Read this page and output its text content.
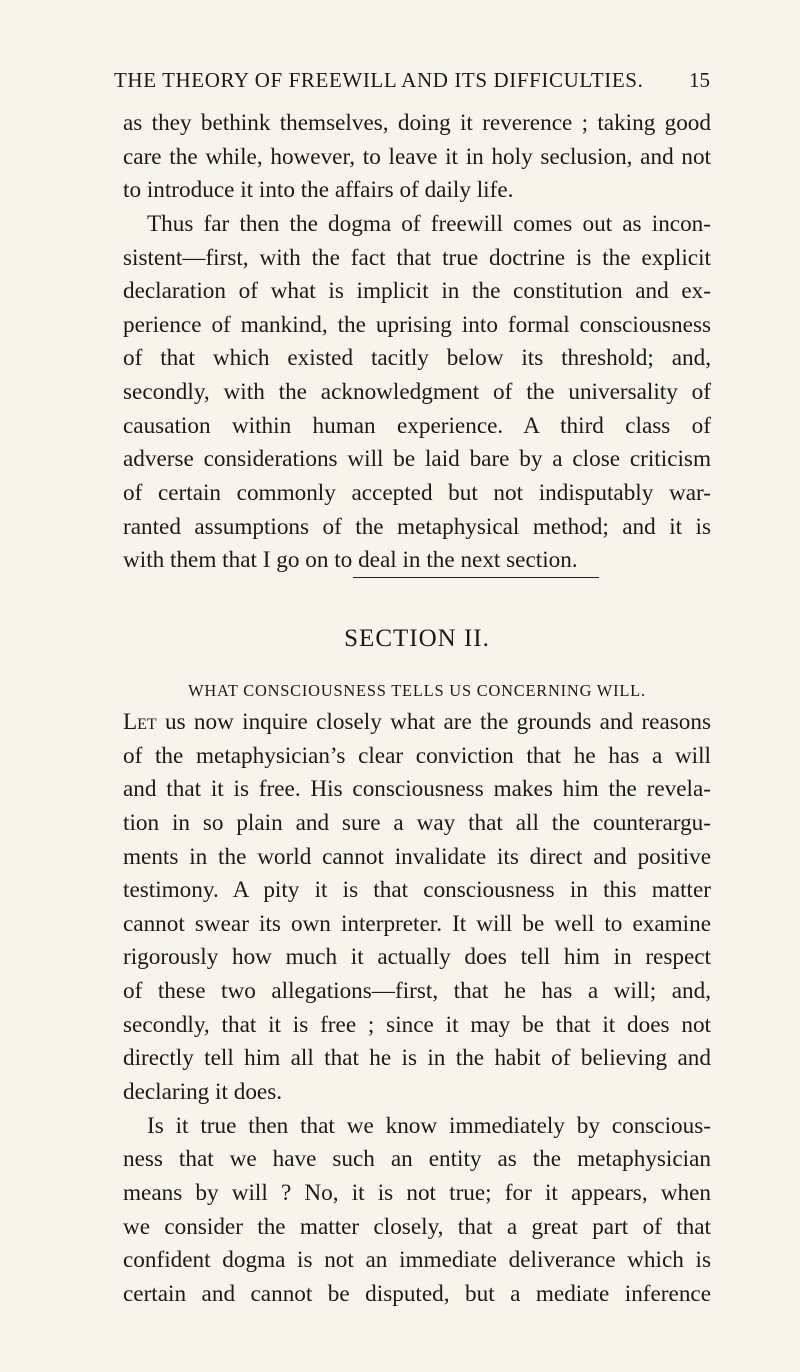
THE THEORY OF FREEWILL AND ITS DIFFICULTIES. 15
as they bethink themselves, doing it reverence ; taking good
care the while, however, to leave it in holy seclusion, and not
to introduce it into the affairs of daily life.
Thus far then the dogma of freewill comes out as incon-
sistent—first, with the fact that true doctrine is the explicit
declaration of what is implicit in the constitution and ex-
perience of mankind, the uprising into formal consciousness
of that which existed tacitly below its threshold; and,
secondly, with the acknowledgment of the universality of
causation within human experience. A third class of
adverse considerations will be laid bare by a close criticism
of certain commonly accepted but not indisputably war-
ranted assumptions of the metaphysical method; and it is
with them that I go on to deal in the next section.
SECTION II.
WHAT CONSCIOUSNESS TELLS US CONCERNING WILL.
Let us now inquire closely what are the grounds and reasons
of the metaphysician’s clear conviction that he has a will
and that it is free. His consciousness makes him the revela-
tion in so plain and sure a way that all the counterargu-
ments in the world cannot invalidate its direct and positive
testimony. A pity it is that consciousness in this matter
cannot swear its own interpreter. It will be well to examine
rigorously how much it actually does tell him in respect
of these two allegations—first, that he has a will; and,
secondly, that it is free ; since it may be that it does not
directly tell him all that he is in the habit of believing and
declaring it does.
Is it true then that we know immediately by conscious-
ness that we have such an entity as the metaphysician
means by will ? No, it is not true; for it appears, when
we consider the matter closely, that a great part of that
confident dogma is not an immediate deliverance which is
certain and cannot be disputed, but a mediate inference
